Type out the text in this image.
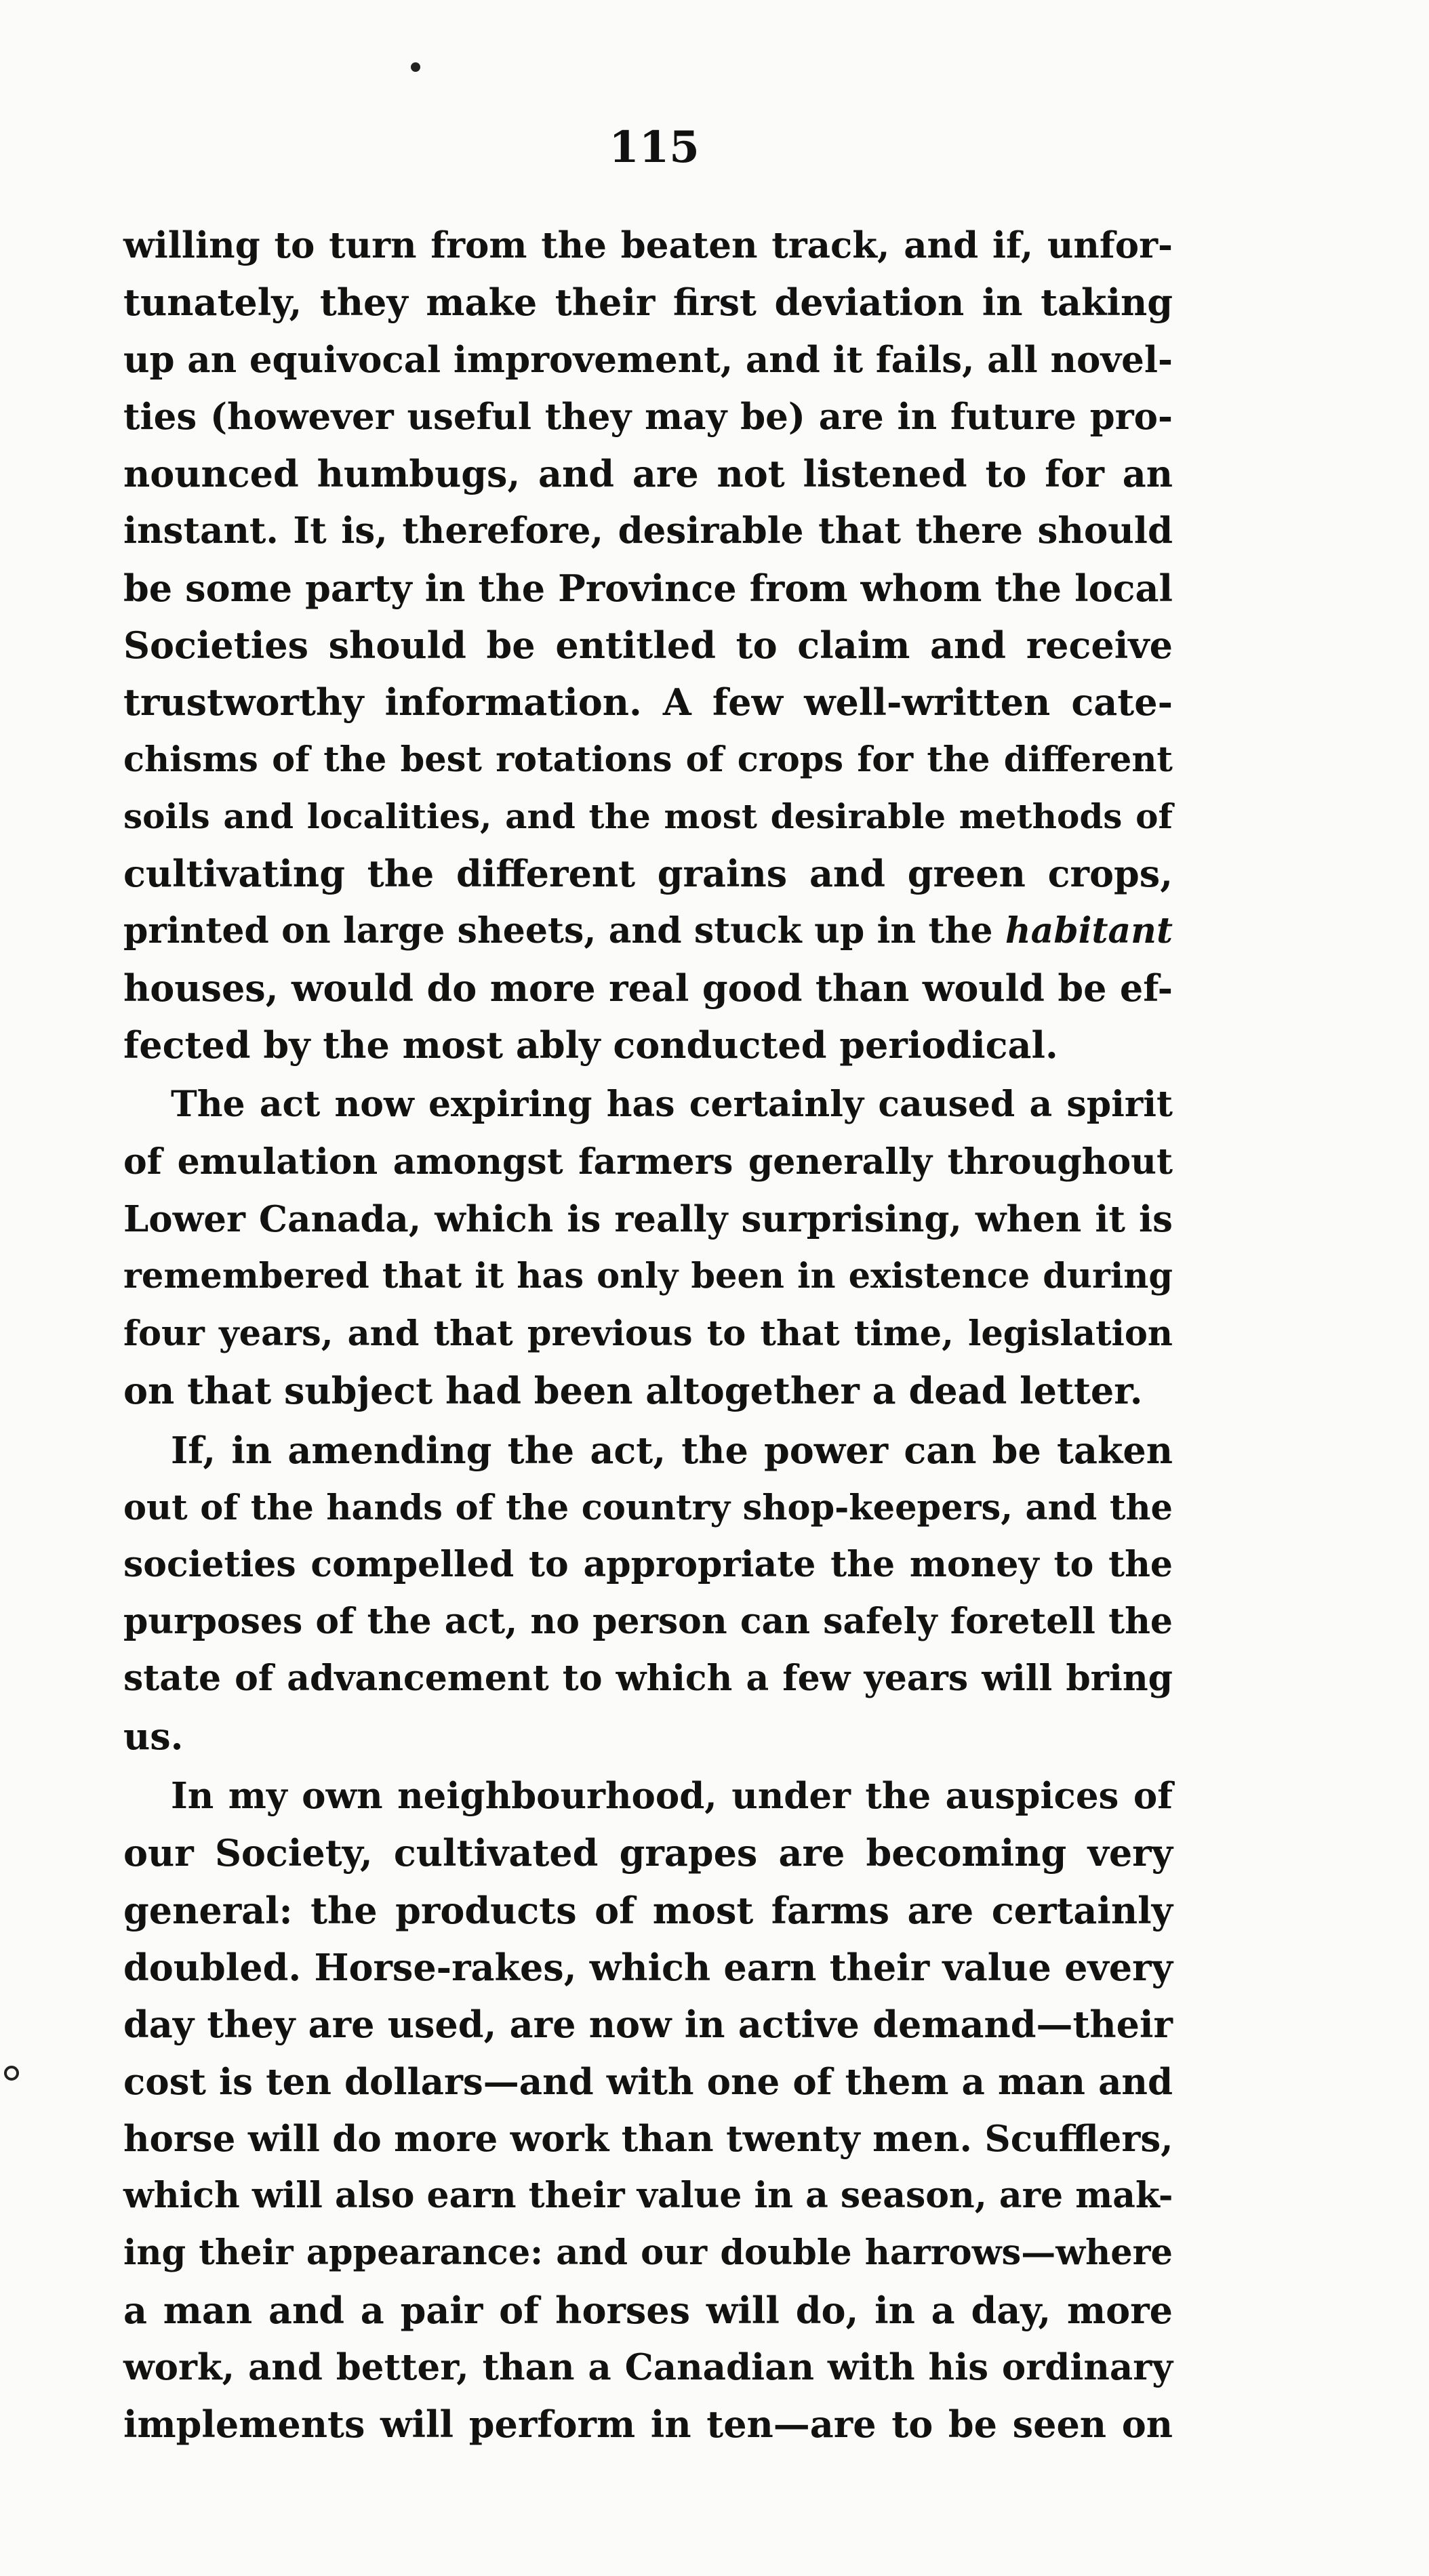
115
willing to turn from the beaten track, and if, unfor-
tunately, they make their first deviation in taking
up an equivocal improvement, and it fails, all novel-
ties (however useful they may be) are in future pro-
nounced humbugs, and are not listened to for an
instant. It is, therefore, desirable that there should
be some party in the Province from whom the local
Societies should be entitled to claim and receive
trustworthy information. A few well-written cate-
chisms of the best rotations of crops for the different
soils and localities, and the most desirable methods of
cultivating the different grains and green crops,
printed on large sheets, and stuck up in the habitant
houses, would do more real good than would be ef-
fected by the most ably conducted periodical.
The act now expiring has certainly caused a spirit
of emulation amongst farmers generally throughout
Lower Canada, which is really surprising, when it is
remembered that it has only been in existence during
four years, and that previous to that time, legislation
on that subject had been altogether a dead letter.
If, in amending the act, the power can be taken
out of the hands of the country shop-keepers, and the
societies compelled to appropriate the money to the
purposes of the act, no person can safely foretell the
state of advancement to which a few years will bring
us.
In my own neighbourhood, under the auspices of
our Society, cultivated grapes are becoming very
general: the products of most farms are certainly
doubled. Horse-rakes, which earn their value every
day they are used, are now in active demand—their
cost is ten dollars—and with one of them a man and
horse will do more work than twenty men. Scufflers,
which will also earn their value in a season, are mak-
ing their appearance: and our double harrows—where
a man and a pair of horses will do, in a day, more
work, and better, than a Canadian with his ordinary
implements will perform in ten—are to be seen on
